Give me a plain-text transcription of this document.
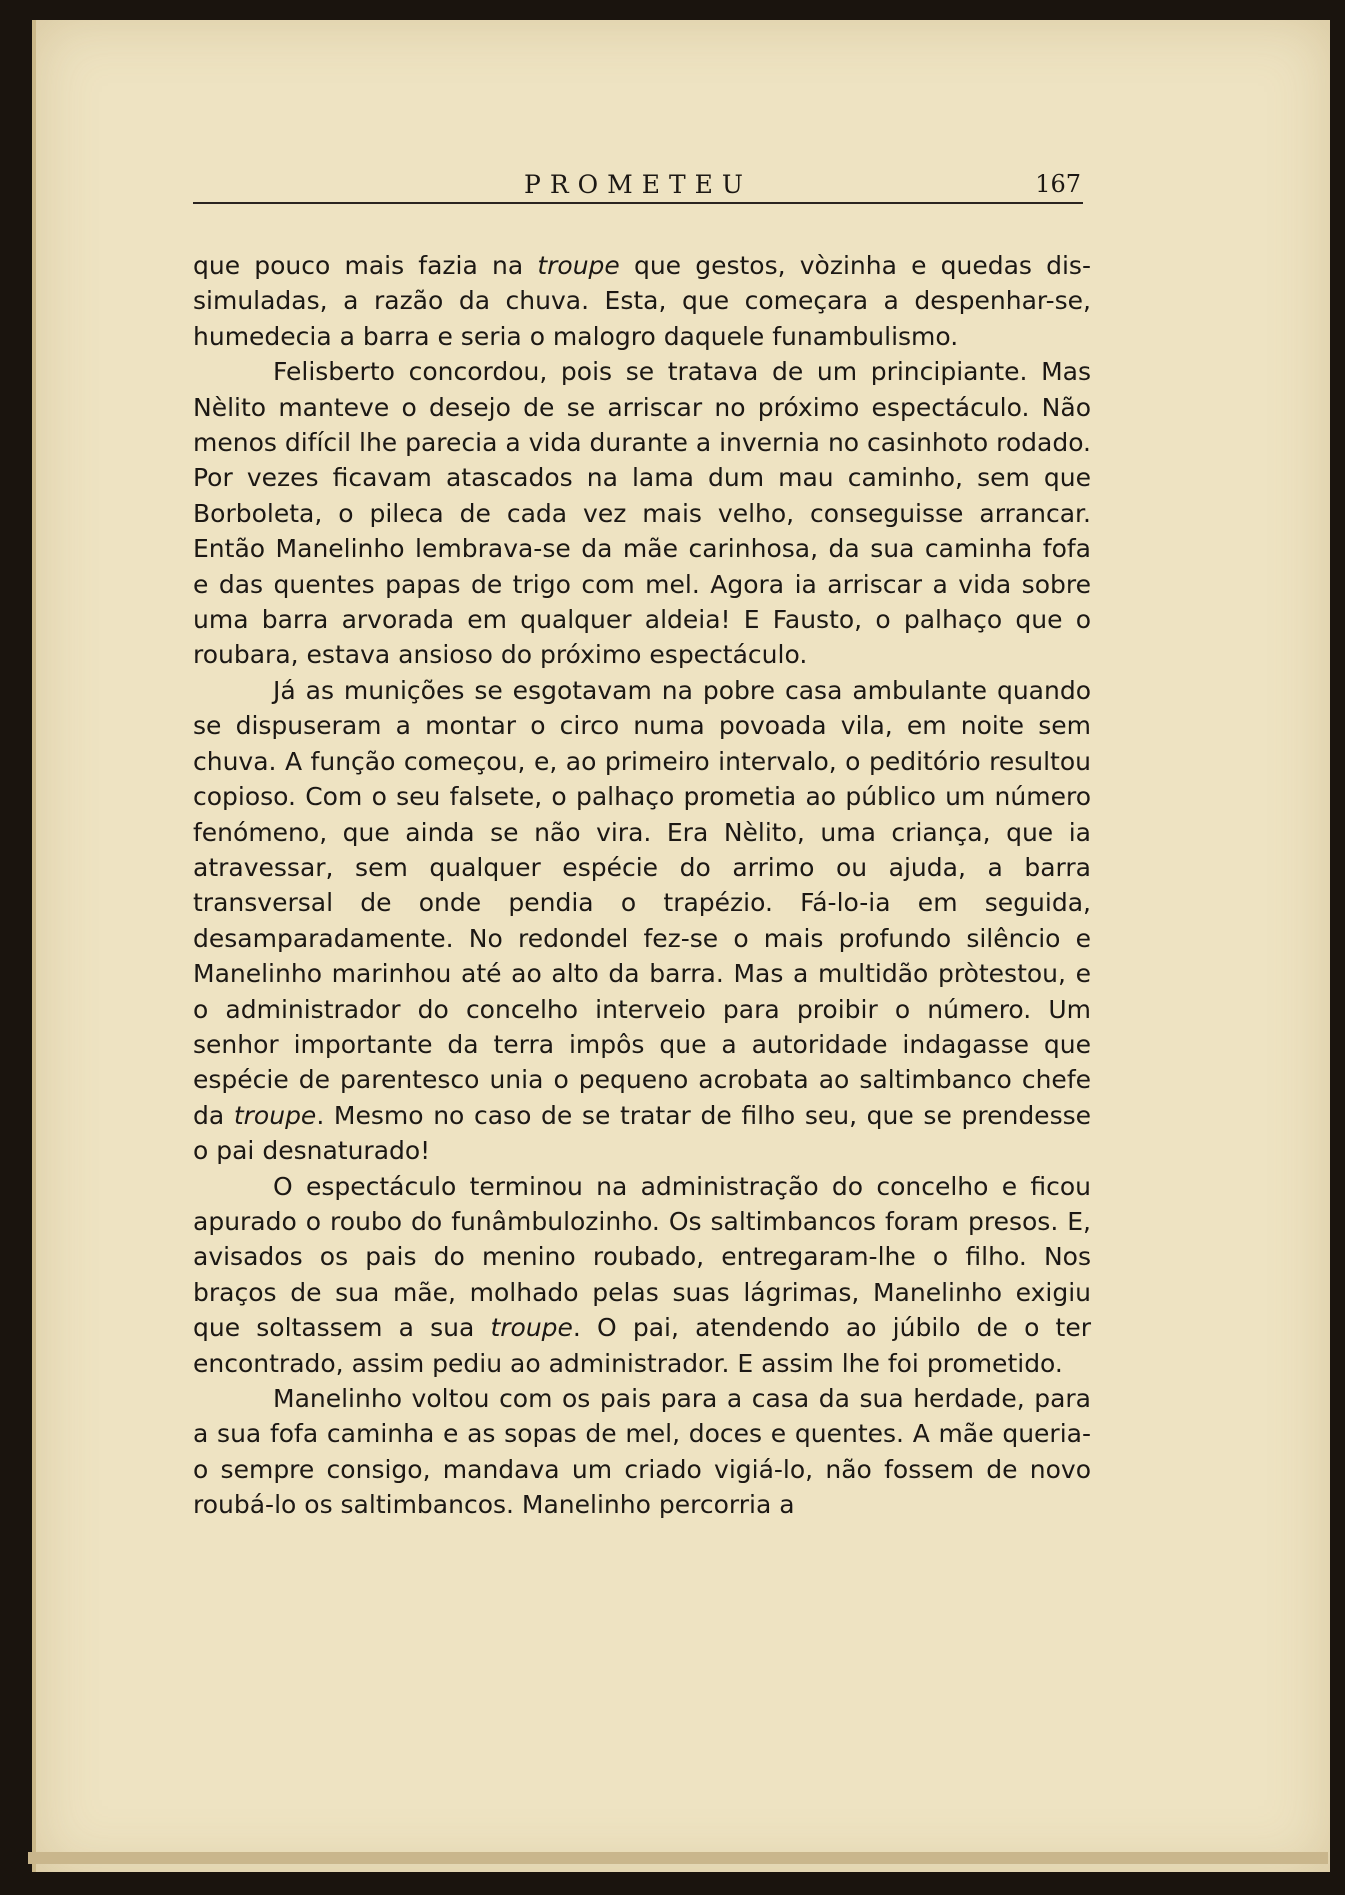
PROMETEU	167

que pouco mais fazia na troupe que gestos, vòzinha e quedas dissimuladas, a razão da chuva. Esta, que começara a despenhar-se, humedecia a barra e seria o malogro daquele funambulismo.

Felisberto concordou, pois se tratava de um principiante. Mas Nèlito manteve o desejo de se arriscar no próximo espectáculo. Não menos difícil lhe parecia a vida durante a invernia no casinhoto rodado. Por vezes ficavam atascados na lama dum mau caminho, sem que Borboleta, o pileca de cada vez mais velho, conseguisse arrancar. Então Manelinho lembrava-se da mãe carinhosa, da sua caminha fofa e das quentes papas de trigo com mel. Agora ia arriscar a vida sobre uma barra arvorada em qualquer aldeia! E Fausto, o palhaço que o roubara, estava ansioso do próximo espectáculo.

Já as munições se esgotavam na pobre casa ambulante quando se dispuseram a montar o circo numa povoada vila, em noite sem chuva. A função começou, e, ao primeiro intervalo, o peditório resultou copioso. Com o seu falsete, o palhaço prometia ao público um número fenómeno, que ainda se não vira. Era Nèlito, uma criança, que ia atravessar, sem qualquer espécie do arrimo ou ajuda, a barra transversal de onde pendia o trapézio. Fá-lo-ia em seguida, desamparadamente. No redondel fez-se o mais profundo silêncio e Manelinho marinhou até ao alto da barra. Mas a multidão pròtestou, e o administrador do concelho interveio para proibir o número. Um senhor importante da terra impôs que a autoridade indagasse que espécie de parentesco unia o pequeno acrobata ao saltimbanco chefe da troupe. Mesmo no caso de se tratar de filho seu, que se prendesse o pai desnaturado!

O espectáculo terminou na administração do concelho e ficou apurado o roubo do funâmbulozinho. Os saltimbancos foram presos. E, avisados os pais do menino roubado, entregaram-lhe o filho. Nos braços de sua mãe, molhado pelas suas lágrimas, Manelinho exigiu que soltassem a sua troupe. O pai, atendendo ao júbilo de o ter encontrado, assim pediu ao administrador. E assim lhe foi prometido.

Manelinho voltou com os pais para a casa da sua herdade, para a sua fofa caminha e as sopas de mel, doces e quentes. A mãe queria-o sempre consigo, mandava um criado vigiá-lo, não fossem de novo roubá-lo os saltimbancos. Manelinho percorria a
